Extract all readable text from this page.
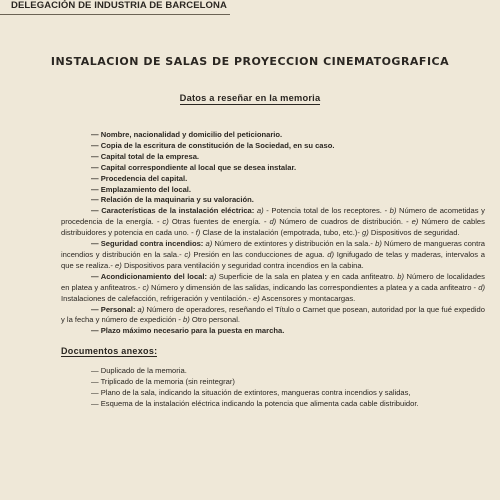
DELEGACIÓN DE INDUSTRIA DE BARCELONA
INSTALACION DE SALAS DE PROYECCION CINEMATOGRAFICA
Datos a reseñar en la memoria
— Nombre, nacionalidad y domicilio del peticionario.
— Copia de la escritura de constitución de la Sociedad, en su caso.
— Capital total de la empresa.
— Capital correspondiente al local que se desea instalar.
— Procedencia del capital.
— Emplazamiento del local.
— Relación de la maquinaria y su valoración.
— Características de la instalación eléctrica: a) - Potencia total de los receptores. - b) Número de acometidas y procedencia de la energía. - c) Otras fuentes de energía. - d) Número de cuadros de distribución. - e) Número de cables distribuidores y potencia en cada uno. - f) Clase de la instalación (empotrada, tubo, etc.)- g) Dispositivos de seguridad.
— Seguridad contra incendios: a) Número de extintores y distribución en la sala.- b) Número de mangueras contra incendios y distribución en la sala.- c) Presión en las conducciones de agua. d) Ignifugado de telas y maderas, intervalos a que se realiza.- e) Dispositivos para ventilación y seguridad contra incendios en la cabina.
— Acondicionamiento del local: a) Superficie de la sala en platea y en cada anfiteatro. b) Número de localidades en platea y anfiteatros.- c) Número y dimensión de las salidas, indicando las correspondientes a platea y a cada anfiteatro - d) Instalaciones de calefacción, refrigeración y ventilación.- e) Ascensores y montacargas.
— Personal: a) Número de operadores, reseñando el Título o Carnet que posean, autoridad por la que fué expedido y la fecha y número de expedición - b) Otro personal.
— Plazo máximo necesario para la puesta en marcha.
Documentos anexos:
— Duplicado de la memoria.
— Triplicado de la memoria (sin reintegrar)
— Plano de la sala, indicando la situación de extintores, mangueras contra incendios y salidas,
— Esquema de la instalación eléctrica indicando la potencia que alimenta cada cable distribuidor.
